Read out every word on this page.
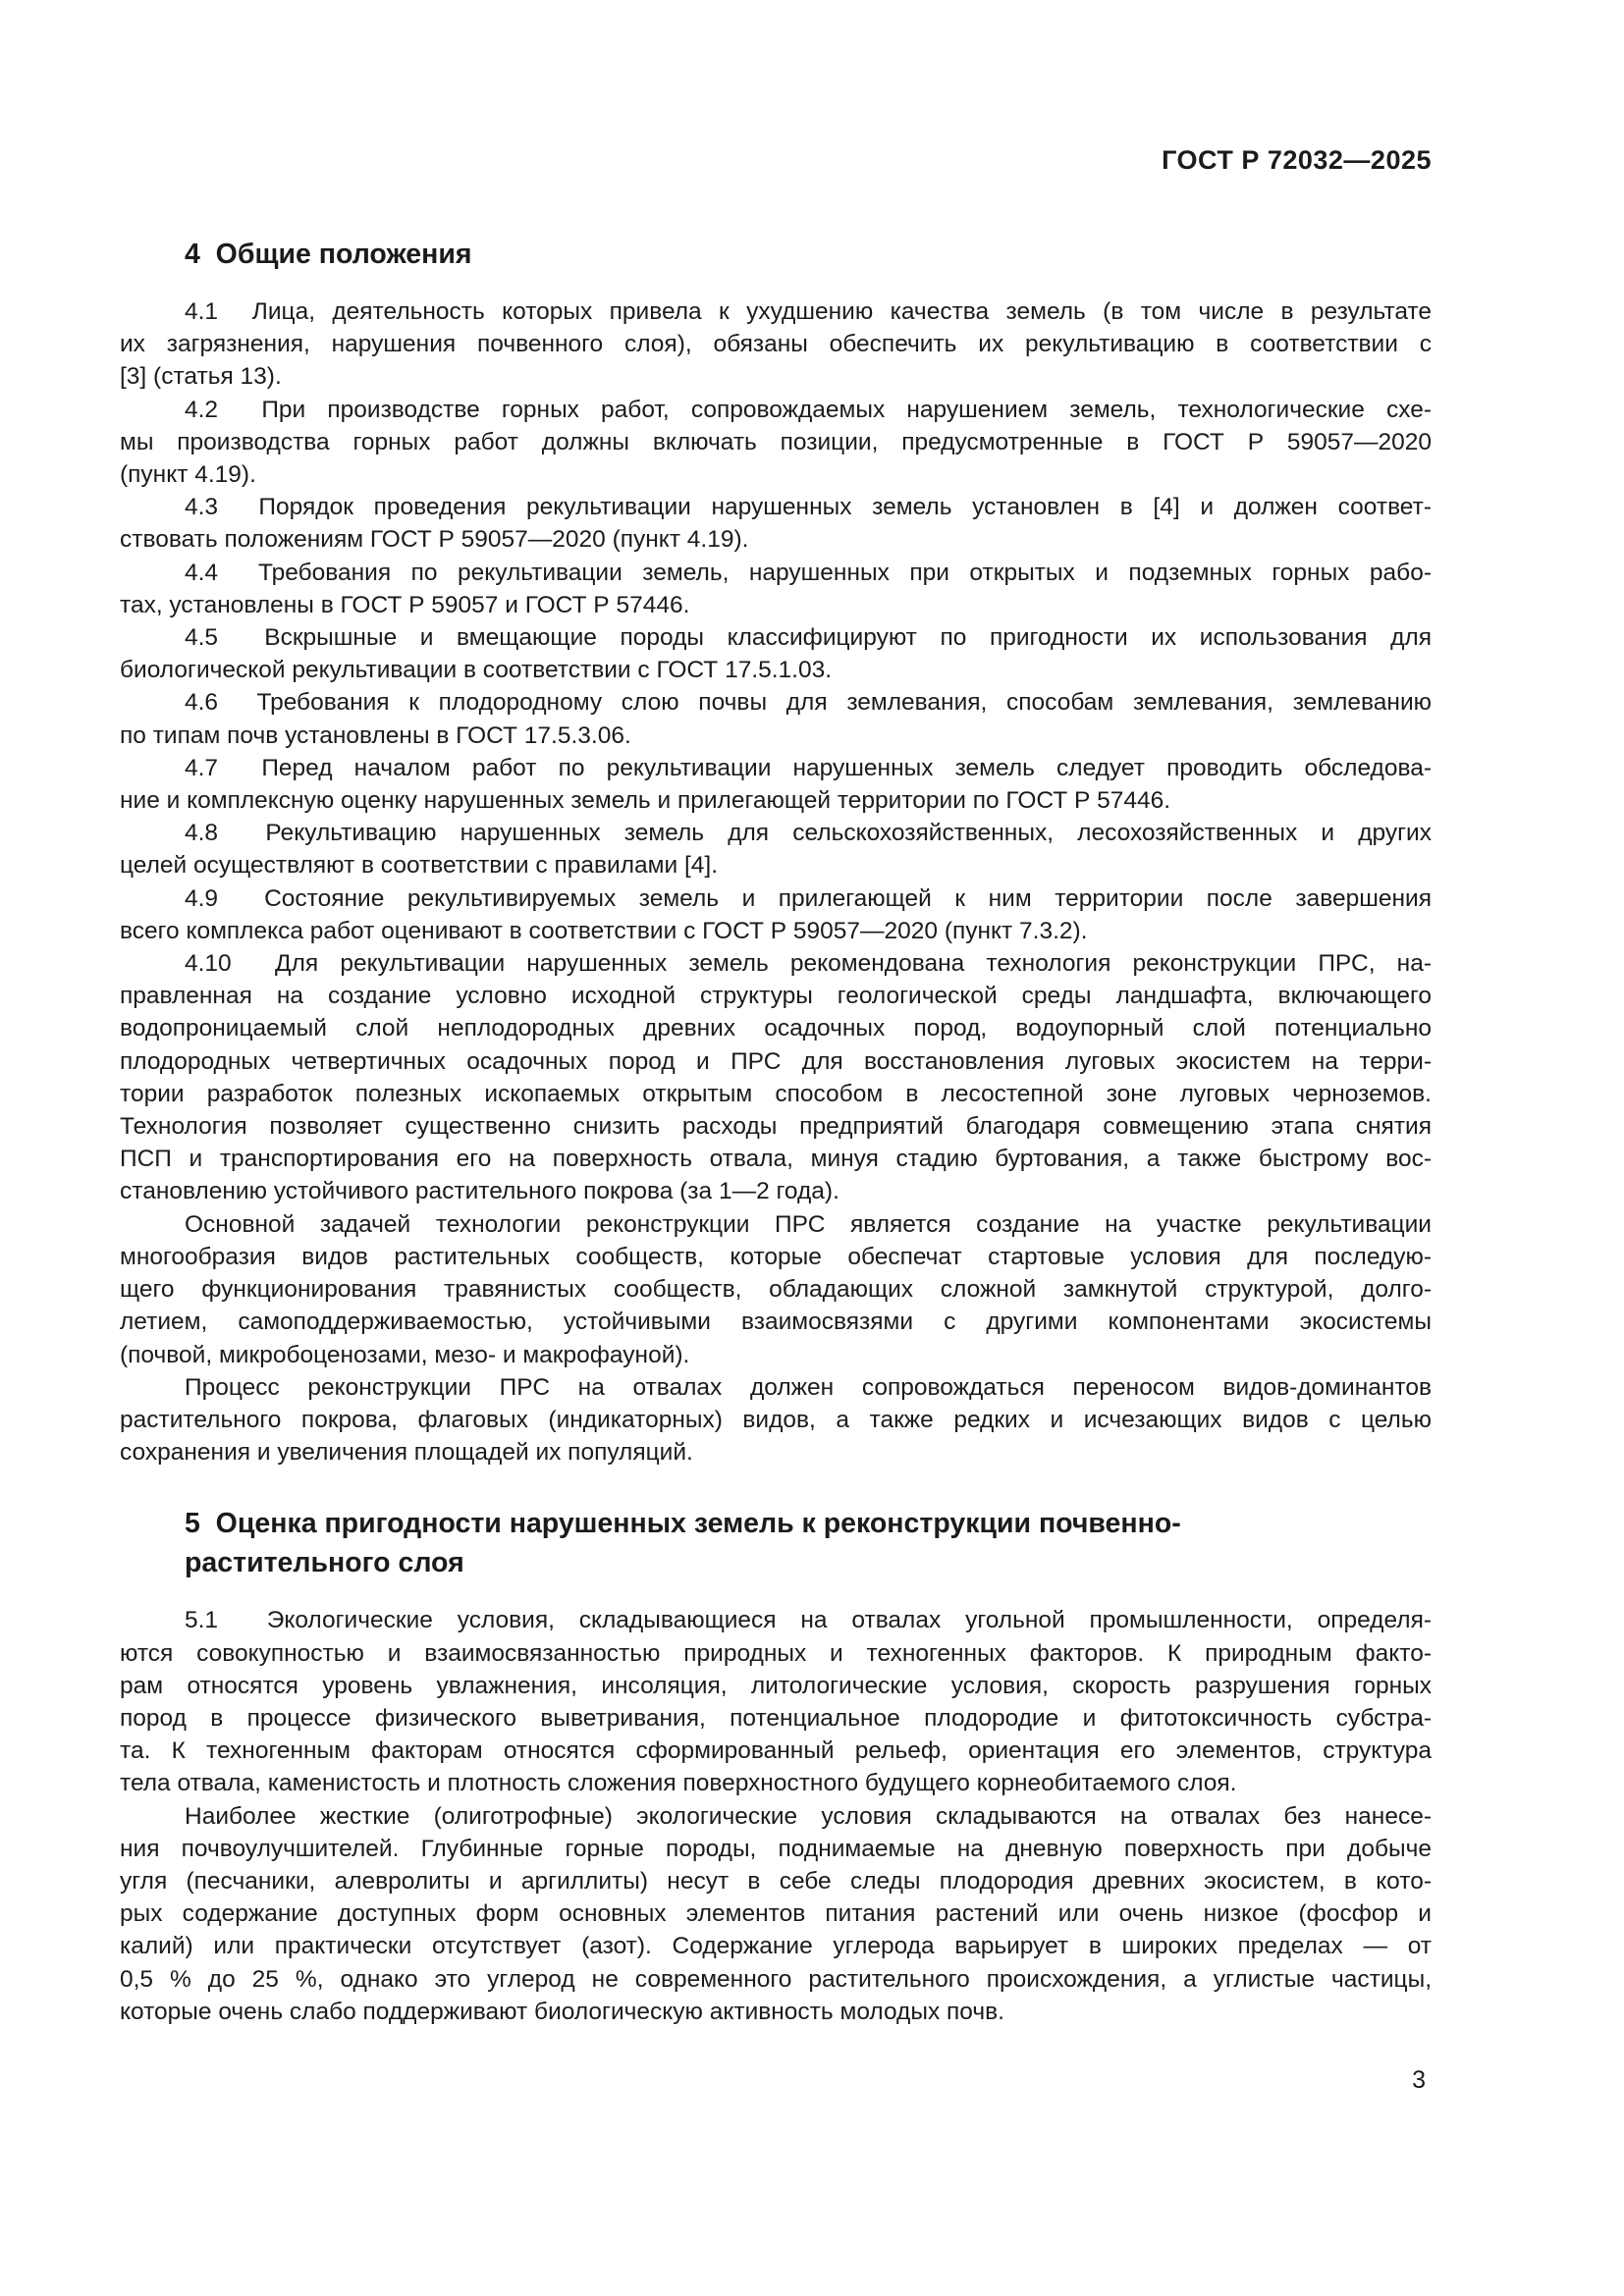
ГОСТ Р 72032—2025
4  Общие положения
4.1  Лица, деятельность которых привела к ухудшению качества земель (в том числе в результате
их загрязнения, нарушения почвенного слоя), обязаны обеспечить их рекультивацию в соответствии с
[3] (статья 13).
4.2  При производстве горных работ, сопровождаемых нарушением земель, технологические схе-
мы производства горных работ должны включать позиции, предусмотренные в ГОСТ Р 59057—2020
(пункт 4.19).
4.3  Порядок проведения рекультивации нарушенных земель установлен в [4] и должен соответ-
ствовать положениям ГОСТ Р 59057—2020 (пункт 4.19).
4.4  Требования по рекультивации земель, нарушенных при открытых и подземных горных рабо-
тах, установлены в ГОСТ Р 59057 и ГОСТ Р 57446.
4.5  Вскрышные и вмещающие породы классифицируют по пригодности их использования для
биологической рекультивации в соответствии с ГОСТ 17.5.1.03.
4.6  Требования к плодородному слою почвы для землевания, способам землевания, землеванию
по типам почв установлены в ГОСТ 17.5.3.06.
4.7  Перед началом работ по рекультивации нарушенных земель следует проводить обследова-
ние и комплексную оценку нарушенных земель и прилегающей территории по ГОСТ Р 57446.
4.8  Рекультивацию нарушенных земель для сельскохозяйственных, лесохозяйственных и других
целей осуществляют в соответствии с правилами [4].
4.9  Состояние рекультивируемых земель и прилегающей к ним территории после завершения
всего комплекса работ оценивают в соответствии с ГОСТ Р 59057—2020 (пункт 7.3.2).
4.10  Для рекультивации нарушенных земель рекомендована технология реконструкции ПРС, на-
правленная на создание условно исходной структуры геологической среды ландшафта, включающего
водопроницаемый слой неплодородных древних осадочных пород, водоупорный слой потенциально
плодородных четвертичных осадочных пород и ПРС для восстановления луговых экосистем на терри-
тории разработок полезных ископаемых открытым способом в лесостепной зоне луговых черноземов.
Технология позволяет существенно снизить расходы предприятий благодаря совмещению этапа снятия
ПСП и транспортирования его на поверхность отвала, минуя стадию буртования, а также быстрому вос-
становлению устойчивого растительного покрова (за 1—2 года).
Основной задачей технологии реконструкции ПРС является создание на участке рекультивации
многообразия видов растительных сообществ, которые обеспечат стартовые условия для последую-
щего функционирования травянистых сообществ, обладающих сложной замкнутой структурой, долго-
летием, самоподдерживаемостью, устойчивыми взаимосвязями с другими компонентами экосистемы
(почвой, микробоценозами, мезо- и макрофауной).
Процесс реконструкции ПРС на отвалах должен сопровождаться переносом видов-доминантов
растительного покрова, флаговых (индикаторных) видов, а также редких и исчезающих видов с целью
сохранения и увеличения площадей их популяций.
5  Оценка пригодности нарушенных земель к реконструкции почвенно-
растительного слоя
5.1  Экологические условия, складывающиеся на отвалах угольной промышленности, определя-
ются совокупностью и взаимосвязанностью природных и техногенных факторов. К природным факто-
рам относятся уровень увлажнения, инсоляция, литологические условия, скорость разрушения горных
пород в процессе физического выветривания, потенциальное плодородие и фитотоксичность субстра-
та. К техногенным факторам относятся сформированный рельеф, ориентация его элементов, структура
тела отвала, каменистость и плотность сложения поверхностного будущего корнеобитаемого слоя.
Наиболее жесткие (олиготрофные) экологические условия складываются на отвалах без нанесе-
ния почвоулучшителей. Глубинные горные породы, поднимаемые на дневную поверхность при добыче
угля (песчаники, алевролиты и аргиллиты) несут в себе следы плодородия древних экосистем, в кото-
рых содержание доступных форм основных элементов питания растений или очень низкое (фосфор и
калий) или практически отсутствует (азот). Содержание углерода варьирует в широких пределах — от
0,5 % до 25 %, однако это углерод не современного растительного происхождения, а углистые частицы,
которые очень слабо поддерживают биологическую активность молодых почв.
3
